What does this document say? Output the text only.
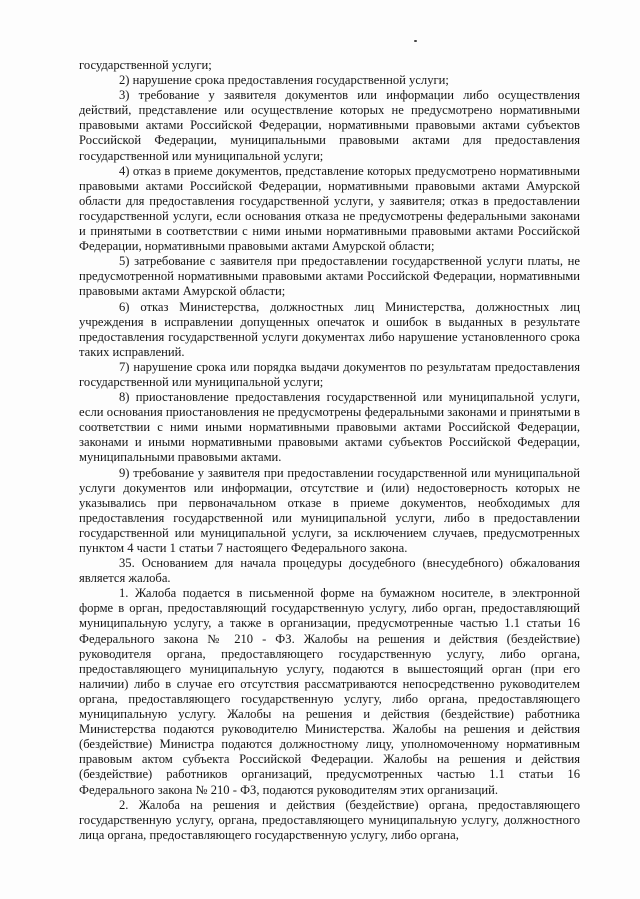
государственной услуги;

2) нарушение срока предоставления государственной услуги;

3) требование у заявителя документов или информации либо осуществления действий, представление или осуществление которых не предусмотрено нормативными правовыми актами Российской Федерации, нормативными правовыми актами субъектов Российской Федерации, муниципальными правовыми актами для предоставления государственной или муниципальной услуги;

4) отказ в приеме документов, представление которых предусмотрено нормативными правовыми актами Российской Федерации, нормативными правовыми актами Амурской области для предоставления государственной услуги, у заявителя; отказ в предоставлении государственной услуги, если основания отказа не предусмотрены федеральными законами и принятыми в соответствии с ними иными нормативными правовыми актами Российской Федерации, нормативными правовыми актами Амурской области;

5) затребование с заявителя при предоставлении государственной услуги платы, не предусмотренной нормативными правовыми актами Российской Федерации, нормативными правовыми актами Амурской области;

6) отказ Министерства, должностных лиц Министерства, должностных лиц учреждения в исправлении допущенных опечаток и ошибок в выданных в результате предоставления государственной услуги документах либо нарушение установленного срока таких исправлений.

7) нарушение срока или порядка выдачи документов по результатам предоставления государственной или муниципальной услуги;

8) приостановление предоставления государственной или муниципальной услуги, если основания приостановления не предусмотрены федеральными законами и принятыми в соответствии с ними иными нормативными правовыми актами Российской Федерации, законами и иными нормативными правовыми актами субъектов Российской Федерации, муниципальными правовыми актами.

9) требование у заявителя при предоставлении государственной или муниципальной услуги документов или информации, отсутствие и (или) недостоверность которых не указывались при первоначальном отказе в приеме документов, необходимых для предоставления государственной или муниципальной услуги, либо в предоставлении государственной или муниципальной услуги, за исключением случаев, предусмотренных пунктом 4 части 1 статьи 7 настоящего Федерального закона.

35. Основанием для начала процедуры досудебного (внесудебного) обжалования является жалоба.

1. Жалоба подается в письменной форме на бумажном носителе, в электронной форме в орган, предоставляющий государственную услугу, либо орган, предоставляющий муниципальную услугу, а также в организации, предусмотренные частью 1.1 статьи 16 Федерального закона № 210 - ФЗ. Жалобы на решения и действия (бездействие) руководителя органа, предоставляющего государственную услугу, либо органа, предоставляющего муниципальную услугу, подаются в вышестоящий орган (при его наличии) либо в случае его отсутствия рассматриваются непосредственно руководителем органа, предоставляющего государственную услугу, либо органа, предоставляющего муниципальную услугу. Жалобы на решения и действия (бездействие) работника Министерства подаются руководителю Министерства. Жалобы на решения и действия (бездействие) Министра подаются должностному лицу, уполномоченному нормативным правовым актом субъекта Российской Федерации. Жалобы на решения и действия (бездействие) работников организаций, предусмотренных частью 1.1 статьи 16 Федерального закона № 210 - ФЗ, подаются руководителям этих организаций.

2. Жалоба на решения и действия (бездействие) органа, предоставляющего государственную услугу, органа, предоставляющего муниципальную услугу, должностного лица органа, предоставляющего государственную услугу, либо органа,
